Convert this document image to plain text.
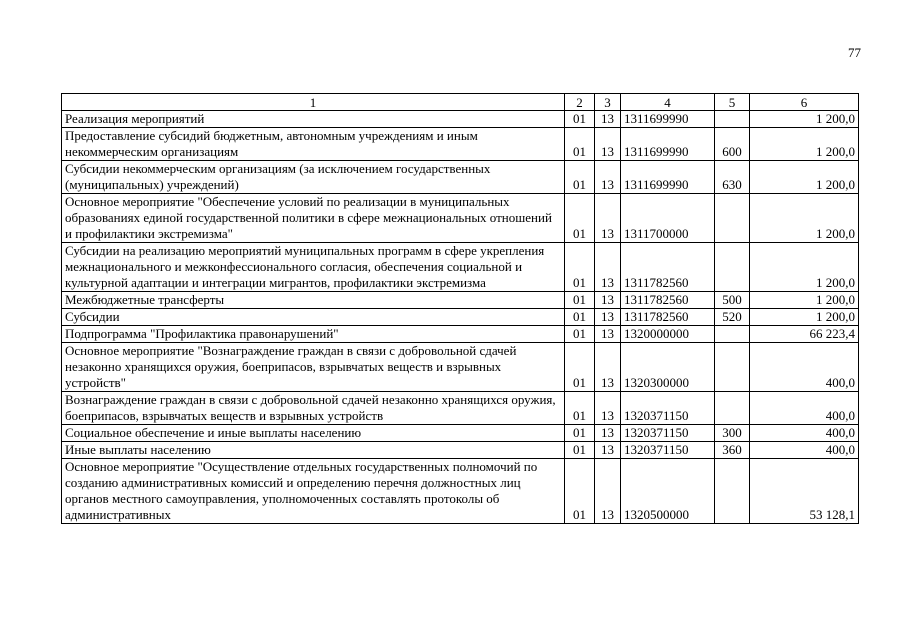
77
1	2	3	4	5	6
Реализация мероприятий	01	13	1311699990		1 200,0
Предоставление субсидий бюджетным, автономным учреждениям и иным некоммерческим организациям	01	13	1311699990	600	1 200,0
Субсидии некоммерческим организациям (за исключением государственных (муниципальных) учреждений)	01	13	1311699990	630	1 200,0
Основное мероприятие "Обеспечение условий по реализации в муниципальных образованиях единой государственной политики в сфере межнациональных отношений и профилактики экстремизма"	01	13	1311700000		1 200,0
Субсидии на реализацию мероприятий муниципальных программ в сфере укрепления межнационального и межконфессионального согласия, обеспечения социальной и культурной адаптации и интеграции мигрантов, профилактики экстремизма	01	13	1311782560		1 200,0
Межбюджетные трансферты	01	13	1311782560	500	1 200,0
Субсидии	01	13	1311782560	520	1 200,0
Подпрограмма "Профилактика правонарушений"	01	13	1320000000		66 223,4
Основное мероприятие "Вознаграждение граждан в связи с добровольной сдачей незаконно хранящихся оружия, боеприпасов, взрывчатых веществ и взрывных устройств"	01	13	1320300000		400,0
Вознаграждение граждан в связи с добровольной сдачей незаконно хранящихся оружия, боеприпасов, взрывчатых веществ и взрывных устройств	01	13	1320371150		400,0
Социальное обеспечение и иные выплаты населению	01	13	1320371150	300	400,0
Иные выплаты населению	01	13	1320371150	360	400,0
Основное мероприятие "Осуществление отдельных государственных полномочий по созданию административных комиссий и определению перечня должностных лиц органов местного самоуправления, уполномоченных составлять протоколы об административных	01	13	1320500000		53 128,1
